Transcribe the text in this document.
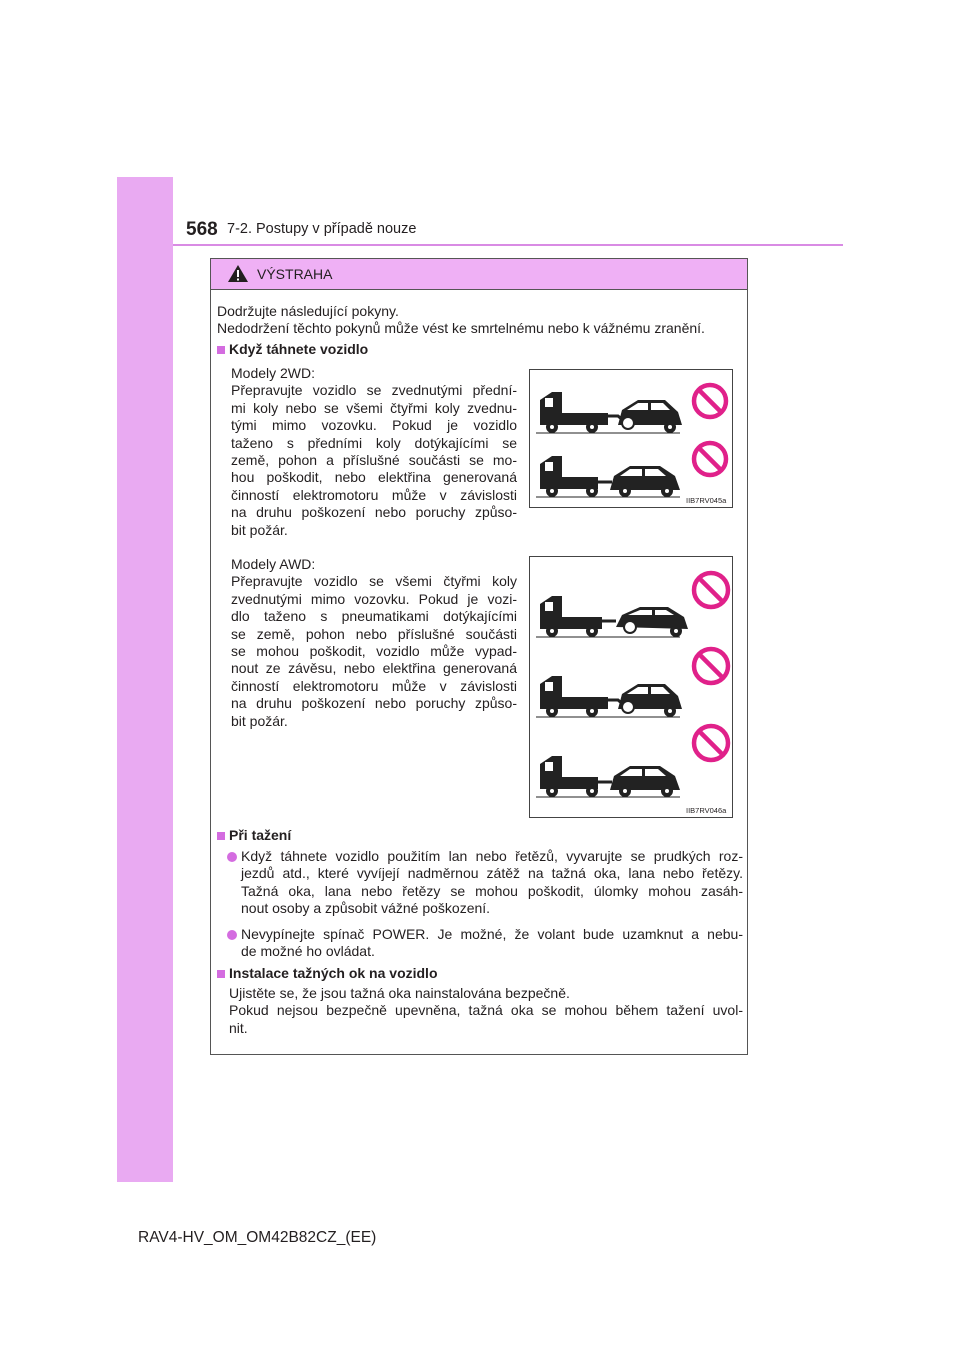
568 7-2. Postupy v případě nouze
VÝSTRAHA
Dodržujte následující pokyny.
Nedodržení těchto pokynů může vést ke smrtelnému nebo k vážnému zranění.
Když táhnete vozidlo
Modely 2WD:
Přepravujte vozidlo se zvednutými přední-
mi koly nebo se všemi čtyřmi koly zvednu-
tými mimo vozovku. Pokud je vozidlo
taženo s předními koly dotýkajícími se
země, pohon a příslušné součásti se mo-
hou poškodit, nebo elektřina generovaná
činností elektromotoru může v závislosti
na druhu poškození nebo poruchy způso-
bit požár.
IIB7RV045a
Modely AWD:
Přepravujte vozidlo se všemi čtyřmi koly
zvednutými mimo vozovku. Pokud je vozi-
dlo taženo s pneumatikami dotýkajícími
se země, pohon nebo příslušné součásti
se mohou poškodit, vozidlo může vypad-
nout ze závěsu, nebo elektřina generovaná
činností elektromotoru může v závislosti
na druhu poškození nebo poruchy způso-
bit požár.
IIB7RV046a
Při tažení
Když táhnete vozidlo použitím lan nebo řetězů, vyvarujte se prudkých roz-
jezdů atd., které vyvíjejí nadměrnou zátěž na tažná oka, lana nebo řetězy.
Tažná oka, lana nebo řetězy se mohou poškodit, úlomky mohou zasáh-
nout osoby a způsobit vážné poškození.
Nevypínejte spínač POWER. Je možné, že volant bude uzamknut a nebu-
de možné ho ovládat.
Instalace tažných ok na vozidlo
Ujistěte se, že jsou tažná oka nainstalována bezpečně.
Pokud nejsou bezpečně upevněna, tažná oka se mohou během tažení uvol-
nit.
RAV4-HV_OM_OM42B82CZ_(EE)
